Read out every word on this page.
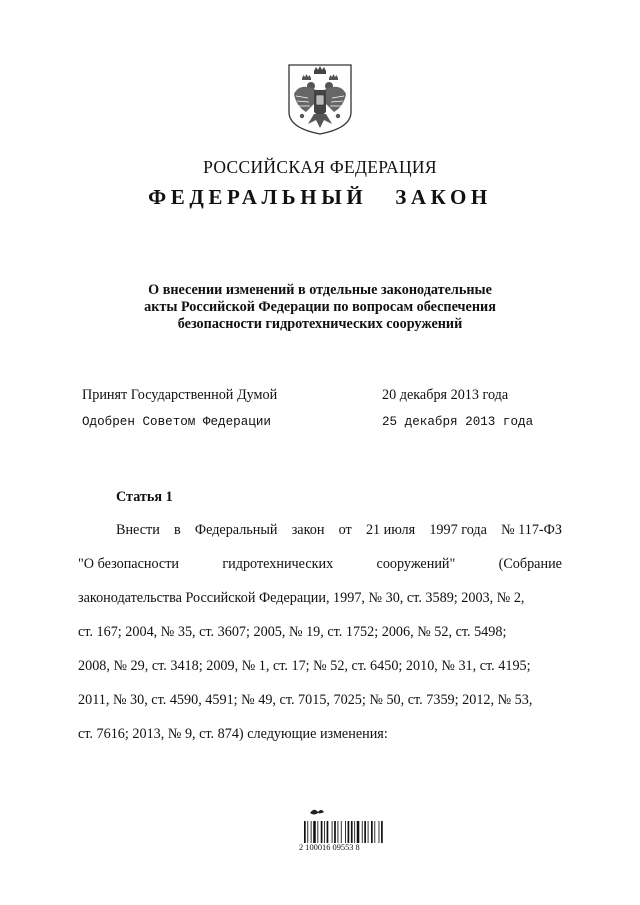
РОССИЙСКАЯ ФЕДЕРАЦИЯ
ФЕДЕРАЛЬНЫЙ ЗАКОН
О внесении изменений в отдельные законодательные
акты Российской Федерации по вопросам обеспечения
безопасности гидротехнических сооружений
Принят Государственной Думой	20 декабря 2013 года
Одобрен Советом Федерации	25 декабря 2013 года
Статья 1
Внести в Федеральный закон от 21 июля 1997 года № 117-ФЗ
"О безопасности	гидротехнических	сооружений"	(Собрание
законодательства Российской Федерации, 1997, № 30, ст. 3589; 2003, № 2,
ст. 167; 2004, № 35, ст. 3607; 2005, № 19, ст. 1752; 2006, № 52, ст. 5498;
2008, № 29, ст. 3418; 2009, № 1, ст. 17; № 52, ст. 6450; 2010, № 31, ст. 4195;
2011, № 30, ст. 4590, 4591; № 49, ст. 7015, 7025; № 50, ст. 7359; 2012, № 53,
ст. 7616; 2013, № 9, ст. 874) следующие изменения:
2 100016 09553 8
